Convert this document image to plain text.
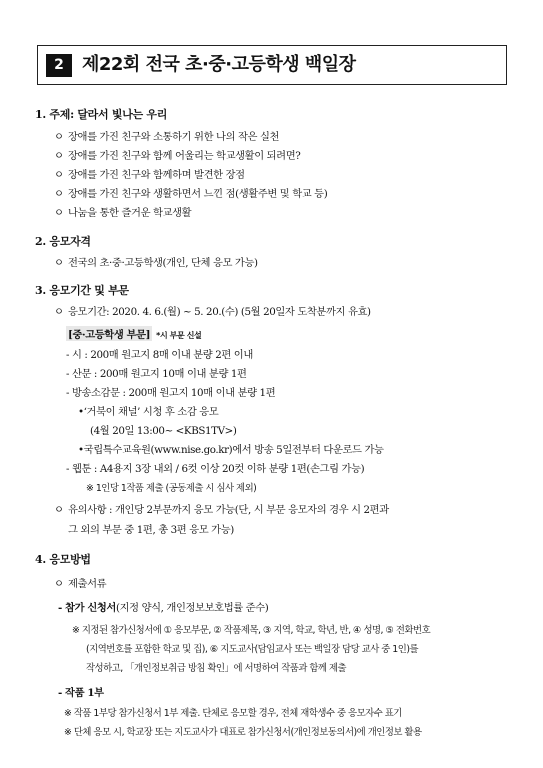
2	제22회 전국 초·중·고등학생 백일장
1. 주제: 달라서 빛나는 우리
ㅇ 장애를 가진 친구와 소통하기 위한 나의 작은 실천
ㅇ 장애를 가진 친구와 함께 어울리는 학교생활이 되려면?
ㅇ 장애를 가진 친구와 함께하며 발견한 장점
ㅇ 장애를 가진 친구와 생활하면서 느낀 점(생활주변 및 학교 등)
ㅇ 나눔을 통한 즐거운 학교생활
2. 응모자격
ㅇ 전국의 초·중·고등학생(개인, 단체 응모 가능)
3. 응모기간 및 부문
ㅇ 응모기간: 2020. 4. 6.(월) ~ 5. 20.(수) (5월 20일자 도착분까지 유효)
[중·고등학생 부문] *시 부문 신설
- 시 : 200매 원고지 8매 이내 분량 2편 이내
- 산문 : 200매 원고지 10매 이내 분량 1편
- 방송소감문 : 200매 원고지 10매 이내 분량 1편
•‘거북이 채널’ 시청 후 소감 응모
(4월 20일 13:00~ <KBS1TV>)
•국립특수교육원(www.nise.go.kr)에서 방송 5일전부터 다운로드 가능
- 웹툰 : A4용지 3장 내외 / 6컷 이상 20컷 이하 분량 1편(손그림 가능)
※ 1인당 1작품 제출 (공동제출 시 심사 제외)
ㅇ 유의사항 : 개인당 2부문까지 응모 가능(단, 시 부문 응모자의 경우 시 2편과
그 외의 부문 중 1편, 총 3편 응모 가능)
4. 응모방법
ㅇ 제출서류
- 참가 신청서(지정 양식, 개인정보보호법률 준수)
※ 지정된 참가신청서에 ① 응모부문, ② 작품제목, ③ 지역, 학교, 학년, 반, ④ 성명, ⑤ 전화번호
(지역번호를 포함한 학교 및 집), ⑥ 지도교사(담임교사 또는 백일장 담당 교사 중 1인)를
작성하고, 「개인정보취급 방침 확인」에 서명하여 작품과 함께 제출
- 작품 1부
※ 작품 1부당 참가신청서 1부 제출. 단체로 응모할 경우, 전체 재학생수 중 응모자수 표기
※ 단체 응모 시, 학교장 또는 지도교사가 대표로 참가신청서(개인정보동의서)에 개인정보 활용
